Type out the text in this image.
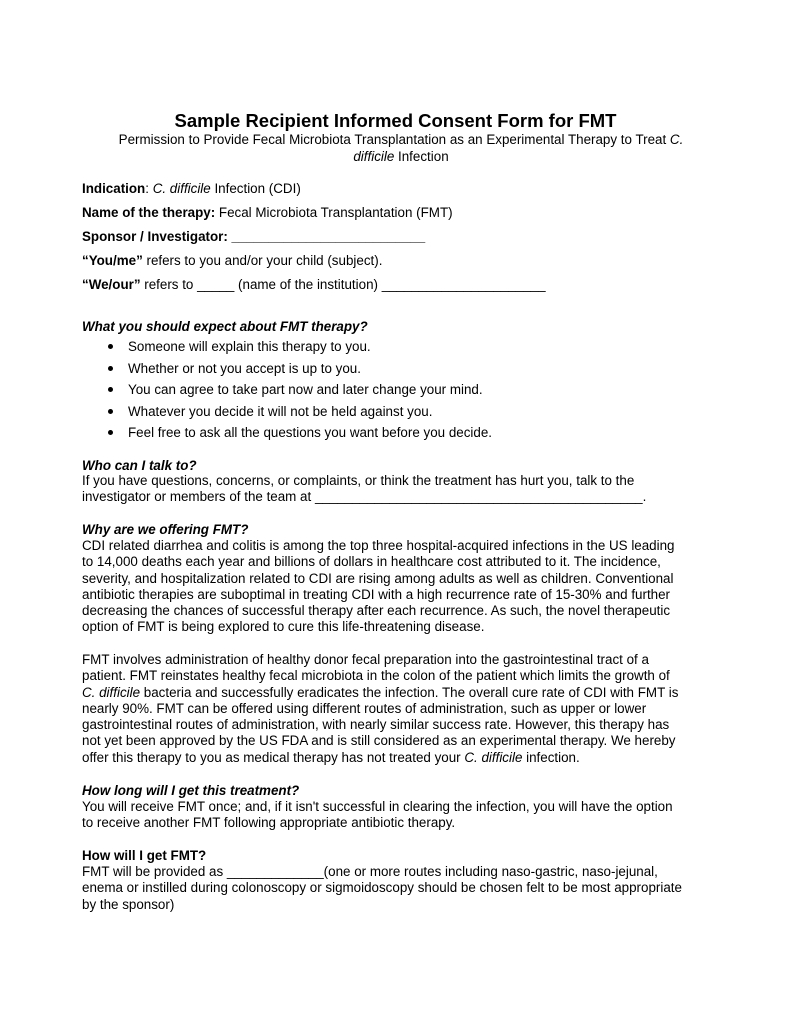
Sample Recipient Informed Consent Form for FMT
Permission to Provide Fecal Microbiota Transplantation as an Experimental Therapy to Treat C.
difficile Infection
Indication: C. difficile Infection (CDI)
Name of the therapy: Fecal Microbiota Transplantation (FMT)
Sponsor / Investigator: __________________________
“You/me” refers to you and/or your child (subject).
“We/our” refers to _____ (name of the institution) ______________________
What you should expect about FMT therapy?
Someone will explain this therapy to you.
Whether or not you accept is up to you.
You can agree to take part now and later change your mind.
Whatever you decide it will not be held against you.
Feel free to ask all the questions you want before you decide.
Who can I talk to?
If you have questions, concerns, or complaints, or think the treatment has hurt you, talk to the
investigator or members of the team at ____________________________________________.
Why are we offering FMT?
CDI related diarrhea and colitis is among the top three hospital-acquired infections in the US leading
to 14,000 deaths each year and billions of dollars in healthcare cost attributed to it. The incidence,
severity, and hospitalization related to CDI are rising among adults as well as children. Conventional
antibiotic therapies are suboptimal in treating CDI with a high recurrence rate of 15-30% and further
decreasing the chances of successful therapy after each recurrence. As such, the novel therapeutic
option of FMT is being explored to cure this life-threatening disease.
FMT involves administration of healthy donor fecal preparation into the gastrointestinal tract of a
patient. FMT reinstates healthy fecal microbiota in the colon of the patient which limits the growth of
C. difficile bacteria and successfully eradicates the infection. The overall cure rate of CDI with FMT is
nearly 90%. FMT can be offered using different routes of administration, such as upper or lower
gastrointestinal routes of administration, with nearly similar success rate. However, this therapy has
not yet been approved by the US FDA and is still considered as an experimental therapy. We hereby
offer this therapy to you as medical therapy has not treated your C. difficile infection.
How long will I get this treatment?
You will receive FMT once; and, if it isn't successful in clearing the infection, you will have the option
to receive another FMT following appropriate antibiotic therapy.
How will I get FMT?
FMT will be provided as _____________(one or more routes including naso-gastric, naso-jejunal,
enema or instilled during colonoscopy or sigmoidoscopy should be chosen felt to be most appropriate
by the sponsor)
